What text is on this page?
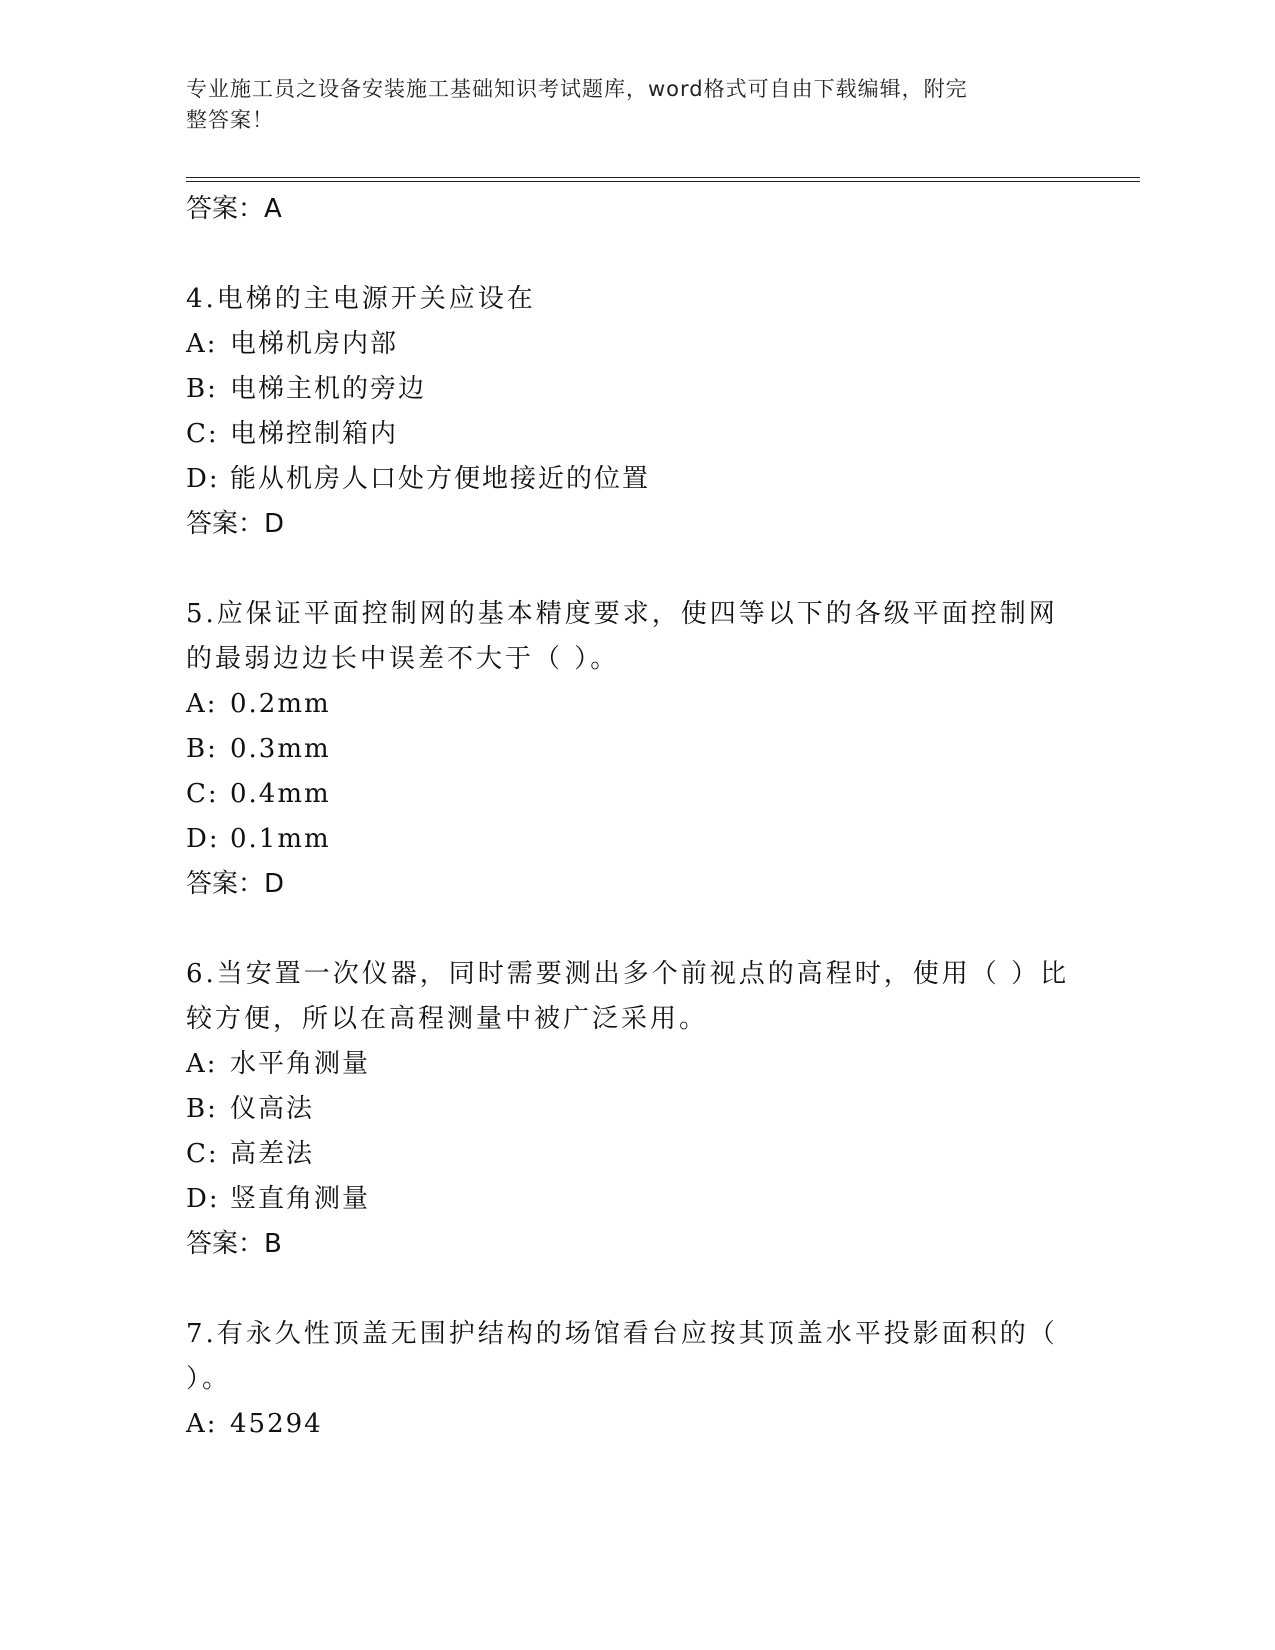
专业施工员之设备安装施工基础知识考试题库，word格式可自由下载编辑，附完
整答案！
答案：A
4.电梯的主电源开关应设在
A: 电梯机房内部
B: 电梯主机的旁边
C: 电梯控制箱内
D: 能从机房人口处方便地接近的位置
答案：D
5.应保证平面控制网的基本精度要求，使四等以下的各级平面控制网
的最弱边边长中误差不大于（ ）。
A: 0.2mm
B: 0.3mm
C: 0.4mm
D: 0.1mm
答案：D
6.当安置一次仪器，同时需要测出多个前视点的高程时，使用（ ）比
较方便，所以在高程测量中被广泛采用。
A: 水平角测量
B: 仪高法
C: 高差法
D: 竖直角测量
答案：B
7.有永久性顶盖无围护结构的场馆看台应按其顶盖水平投影面积的（
）。
A: 45294
